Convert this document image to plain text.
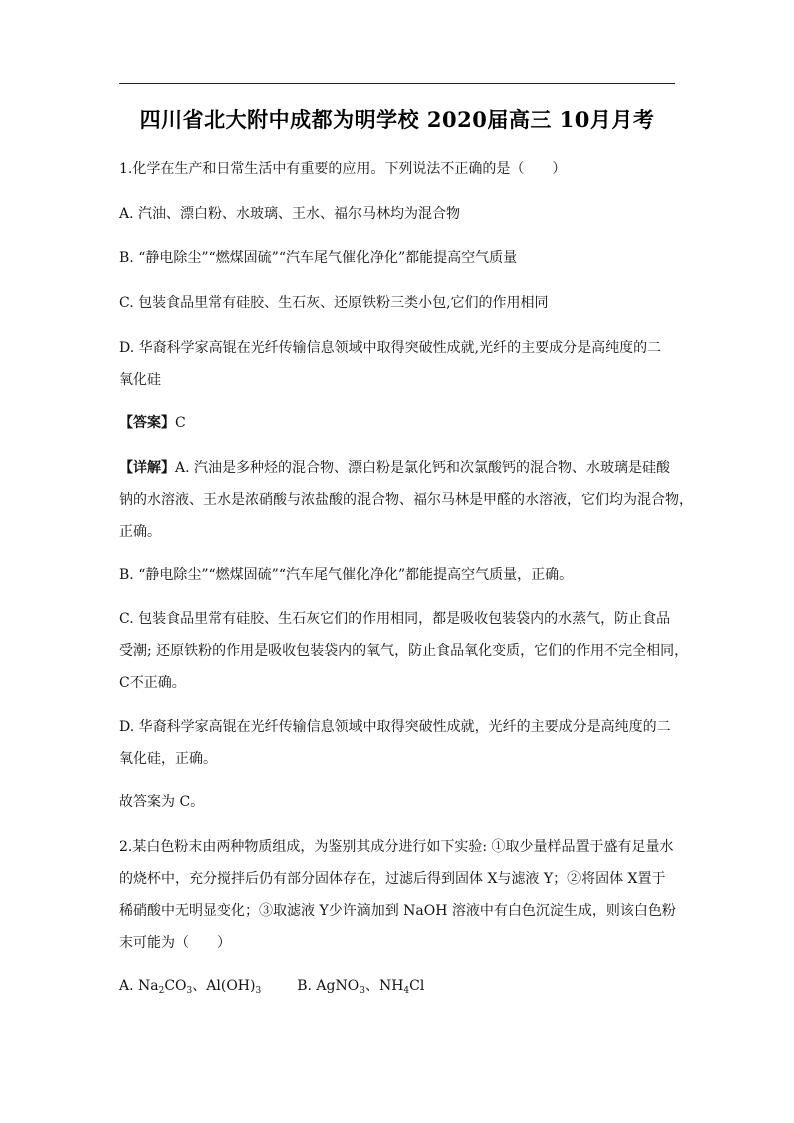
四川省北大附中成都为明学校 2020届高三 10月月考
1.化学在生产和日常生活中有重要的应用。下列说法不正确的是（　　）
A. 汽油、漂白粉、水玻璃、王水、福尔马林均为混合物
B. “静电除尘”“燃煤固硫”“汽车尾气催化净化”都能提高空气质量
C. 包装食品里常有硅胶、生石灰、还原铁粉三类小包,它们的作用相同
D. 华裔科学家高锟在光纤传输信息领域中取得突破性成就,光纤的主要成分是高纯度的二
氧化硅
【答案】C
【详解】A. 汽油是多种烃的混合物、漂白粉是氯化钙和次氯酸钙的混合物、水玻璃是硅酸
钠的水溶液、王水是浓硝酸与浓盐酸的混合物、福尔马林是甲醛的水溶液，它们均为混合物，
正确。
B. “静电除尘”“燃煤固硫”“汽车尾气催化净化”都能提高空气质量，正确。
C. 包装食品里常有硅胶、生石灰它们的作用相同，都是吸收包装袋内的水蒸气，防止食品
受潮; 还原铁粉的作用是吸收包装袋内的氧气，防止食品氧化变质，它们的作用不完全相同，
C不正确。
D. 华裔科学家高锟在光纤传输信息领域中取得突破性成就，光纤的主要成分是高纯度的二
氧化硅，正确。
故答案为 C。
2.某白色粉末由两种物质组成，为鉴别其成分进行如下实验: ①取少量样品置于盛有足量水
的烧杯中，充分搅拌后仍有部分固体存在，过滤后得到固体 X与滤液 Y；②将固体 X置于
稀硝酸中无明显变化；③取滤液 Y少许滴加到 NaOH 溶液中有白色沉淀生成，则该白色粉
末可能为（　　）
A. $Na_2CO_3$、$Al(OH)_3$	B. AgNO$_3$、$NH_4Cl$
